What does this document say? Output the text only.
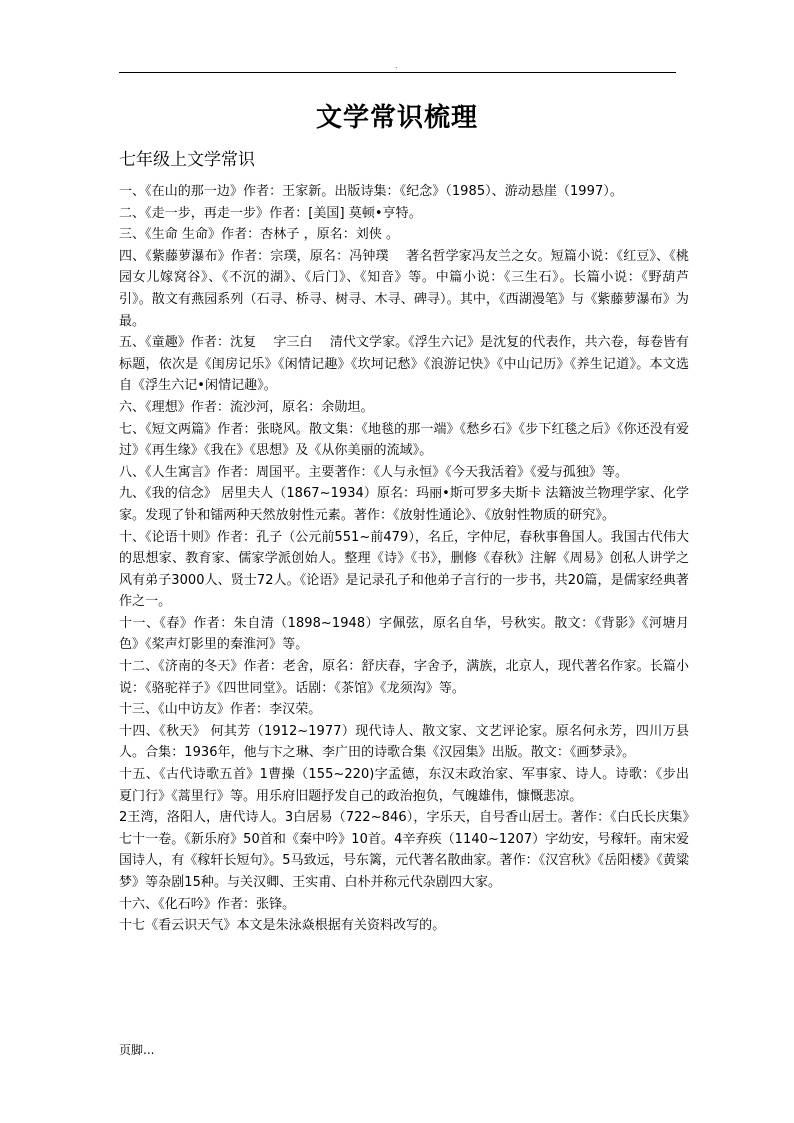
.
文学常识梳理
七年级上文学常识

一、《在山的那一边》作者：王家新。出版诗集：《纪念》（1985）、游动悬崖（1997）。

二、《走一步，再走一步》作者：[美国] 莫顿•亨特。

三、《生命 生命》作者：杏林子 ，原名：刘侠 。

四、《紫藤萝瀑布》作者：宗璞，原名：冯钟璞　 著名哲学家冯友兰之女。短篇小说：《红豆》、《桃园女儿嫁窝谷》、《不沉的湖》、《后门》、《知音》等。中篇小说：《三生石》。长篇小说：《野葫芦引》。散文有燕园系列（石寻、桥寻、树寻、木寻、碑寻）。其中，《西湖漫笔》与《紫藤萝瀑布》为最。

五、《童趣》作者：沈复　 字三白　 清代文学家。《浮生六记》是沈复的代表作，共六卷，每卷皆有标题，依次是《闺房记乐》《闲情记趣》《坎坷记愁》《浪游记快》《中山记历》《养生记道》。本文选自《浮生六记•闲情记趣》。

六、《理想》作者：流沙河，原名：余勋坦。

七、《短文两篇》作者：张晓风。散文集：《地毯的那一端》《愁乡石》《步下红毯之后》《你还没有爱过》《再生缘》《我在》《思想》及《从你美丽的流域》。

八、《人生寓言》作者：周国平。主要著作：《人与永恒》《今天我活着》《爱与孤独》等。

九、《我的信念》 居里夫人（1867~1934）原名：玛丽•斯可罗多夫斯卡 法籍波兰物理学家、化学家。发现了钋和镭两种天然放射性元素。著作：《放射性通论》、《放射性物质的研究》。

十、《论语十则》作者：孔子（公元前551~前479），名丘，字仲尼，春秋事鲁国人。我国古代伟大的思想家、教育家、儒家学派创始人。整理《诗》《书》，删修《春秋》注解《周易》创私人讲学之风有弟子3000人、贤士72人。《论语》是记录孔子和他弟子言行的一步书，共20篇，是儒家经典著作之一。

十一、《春》作者：朱自清（1898~1948）字佩弦，原名自华，号秋实。散文：《背影》《河塘月色》《桨声灯影里的秦淮河》等。

十二、《济南的冬天》作者：老舍，原名：舒庆春，字舍予，满族，北京人，现代著名作家。长篇小说：《骆驼祥子》《四世同堂》。话剧：《茶馆》《龙须沟》等。

十三、《山中访友》作者：李汉荣。

十四、《秋天》 何其芳（1912~1977）现代诗人、散文家、文艺评论家。原名何永芳，四川万县人。合集：1936年，他与卞之琳、李广田的诗歌合集《汉园集》出版。散文：《画梦录》。

十五、《古代诗歌五首》1曹操（155~220)字孟德，东汉末政治家、军事家、诗人。诗歌：《步出夏门行》《蒿里行》等。用乐府旧题抒发自己的政治抱负，气魄雄伟，慷慨悲凉。

2王湾，洛阳人，唐代诗人。3白居易（722~846），字乐天，自号香山居士。著作：《白氏长庆集》七十一卷。《新乐府》50首和《秦中吟》10首。4辛弃疾（1140~1207）字幼安，号稼轩。南宋爱国诗人，有《稼轩长短句》。5马致远，号东篱，元代著名散曲家。著作：《汉宫秋》《岳阳楼》《黄粱梦》等杂剧15种。与关汉卿、王实甫、白朴并称元代杂剧四大家。

十六、《化石吟》作者：张锋。

十七《看云识天气》本文是朱泳焱根据有关资料改写的。

页脚...
